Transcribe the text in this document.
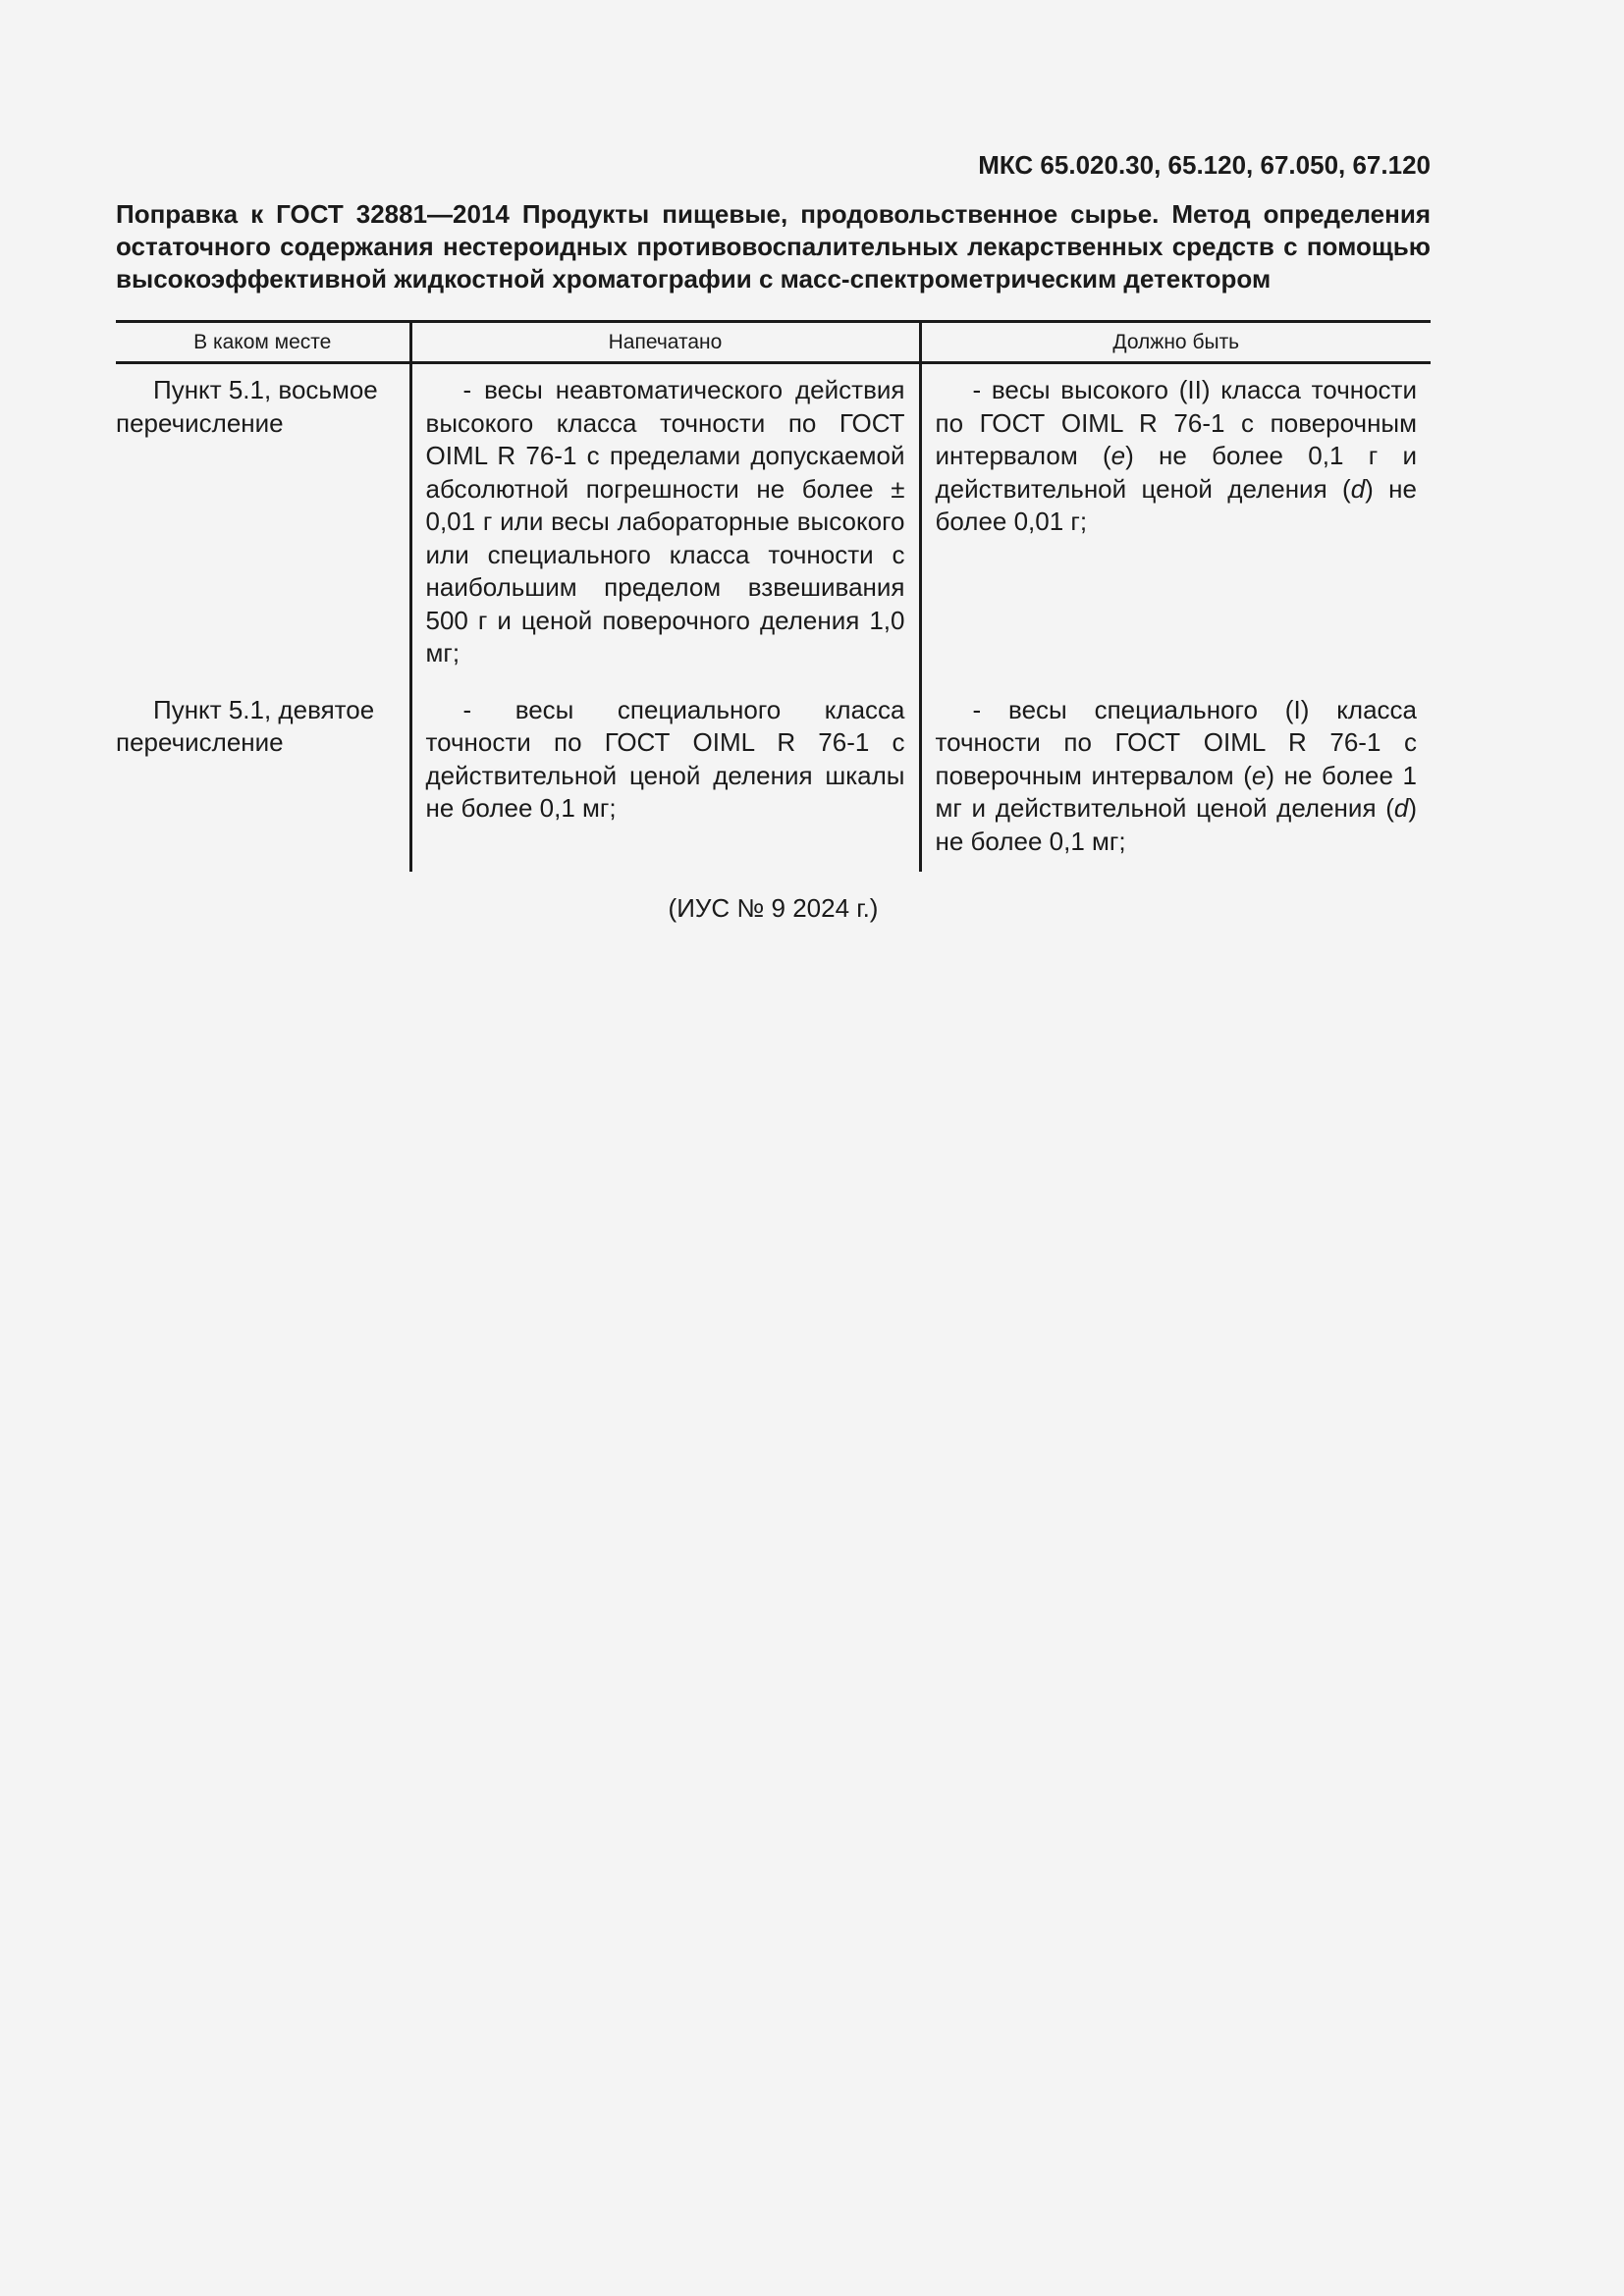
МКС 65.020.30, 65.120, 67.050, 67.120

Поправка к ГОСТ 32881—2014 Продукты пищевые, продовольственное сырье. Метод определения остаточного содержания нестероидных противовоспалительных лекарственных средств с помощью высокоэффективной жидкостной хроматографии с масс-спектрометрическим детектором

В каком месте	Напечатано	Должно быть

Пункт 5.1, восьмое перечисление	- весы неавтоматического действия высокого класса точности по ГОСТ OIML R 76-1 с пределами допускаемой абсолютной погрешности не более ± 0,01 г или весы лабораторные высокого или специального класса точности с наибольшим пределом взвешивания 500 г и ценой поверочного деления 1,0 мг;	- весы высокого (II) класса точности по ГОСТ OIML R 76-1 с поверочным интервалом (e) не более 0,1 г и действительной ценой деления (d) не более 0,01 г;

Пункт 5.1, девятое перечисление	- весы специального класса точности по ГОСТ OIML R 76-1 с действительной ценой деления шкалы не более 0,1 мг;	- весы специального (I) класса точности по ГОСТ OIML R 76-1 с поверочным интервалом (e) не более 1 мг и действительной ценой деления (d) не более 0,1 мг;

(ИУС № 9 2024 г.)
